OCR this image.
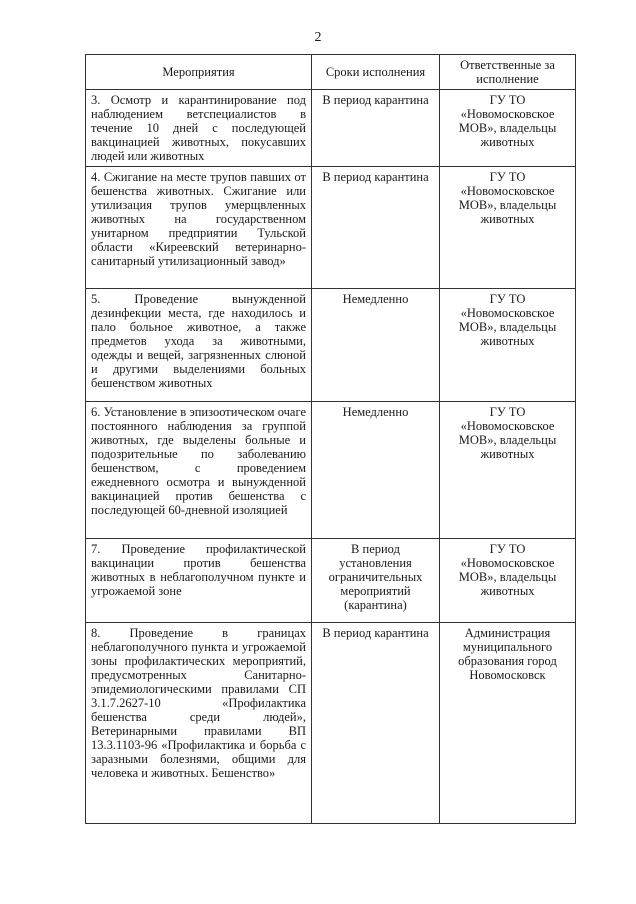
2
Мероприятия	Сроки исполнения	Ответственные за исполнение
3. Осмотр и карантинирование под наблюдением ветспециалистов в течение 10 дней с последующей вакцинацией животных, покусавших людей или животных	В период карантина	ГУ ТО «Новомосковское МОВ», владельцы животных
4. Сжигание на месте трупов павших от бешенства животных. Сжигание или утилизация трупов умерщвленных животных на государственном унитарном предприятии Тульской области «Киреевский ветеринарно-санитарный утилизационный завод»	В период карантина	ГУ ТО «Новомосковское МОВ», владельцы животных
5. Проведение вынужденной дезинфекции места, где находилось и пало больное животное, а также предметов ухода за животными, одежды и вещей, загрязненных слюной и другими выделениями больных бешенством животных	Немедленно	ГУ ТО «Новомосковское МОВ», владельцы животных
6. Установление в эпизоотическом очаге постоянного наблюдения за группой животных, где выделены больные и подозрительные по заболеванию бешенством, с проведением ежедневного осмотра и вынужденной вакцинацией против бешенства с последующей 60-дневной изоляцией	Немедленно	ГУ ТО «Новомосковское МОВ», владельцы животных
7. Проведение профилактической вакцинации против бешенства животных в неблагополучном пункте и угрожаемой зоне	В период установления ограничительных мероприятий (карантина)	ГУ ТО «Новомосковское МОВ», владельцы животных
8. Проведение в границах неблагополучного пункта и угрожаемой зоны профилактических мероприятий, предусмотренных Санитарно-эпидемиологическими правилами СП 3.1.7.2627-10 «Профилактика бешенства среди людей», Ветеринарными правилами ВП 13.3.1103-96 «Профилактика и борьба с заразными болезнями, общими для человека и животных. Бешенство»	В период карантина	Администрация муниципального образования город Новомосковск
